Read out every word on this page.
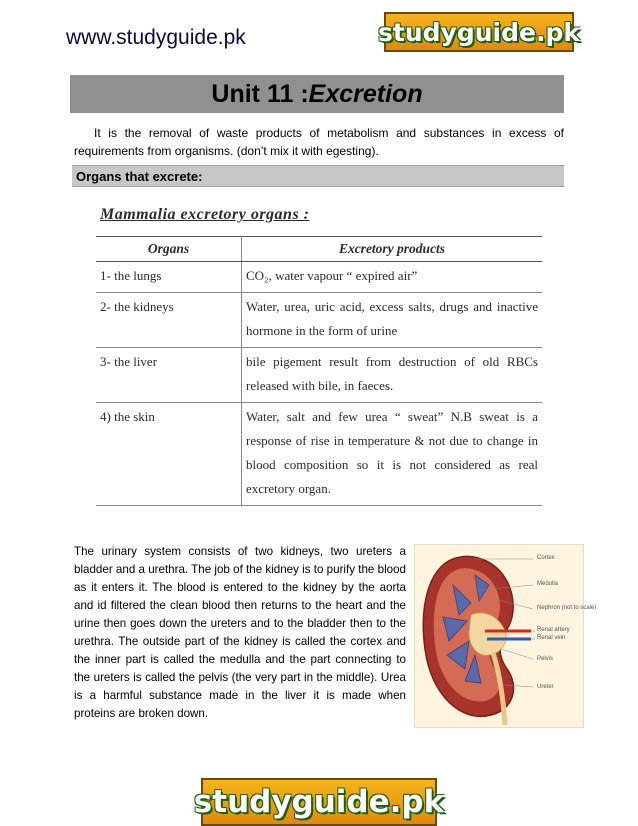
www.studyguide.pk	studyguide.pk
Unit 11 : Excretion
It is the removal of waste products of metabolism and substances in excess of requirements from organisms. (don’t mix it with egesting).
Organs that excrete:
Mammalia excretory organs :
Organs	Excretory products
1- the lungs	CO₂, water vapour “ expired air”
2- the kidneys	Water, urea, uric acid, excess salts, drugs and inactive hormone in the form of urine
3- the liver	bile pigement result from destruction of old RBCs released with bile, in faeces.
4) the skin	Water, salt and few urea “ sweat” N.B sweat is a response of rise in temperature & not due to change in blood composition so it is not considered as real excretory organ.
The urinary system consists of two kidneys, two ureters a bladder and a urethra. The job of the kidney is to purify the blood as it enters it. The blood is entered to the kidney by the aorta and id filtered the clean blood then returns to the heart and the urine then goes down the ureters and to the bladder then to the urethra. The outside part of the kidney is called the cortex and the inner part is called the medulla and the part connecting to the ureters is called the pelvis (the very part in the middle). Urea is a harmful substance made in the liver it is made when proteins are broken down.
Cortex
Medulla
Nephron (not to scale)
Renal artery
Renal vein
Pelvis
Ureter
studyguide.pk
